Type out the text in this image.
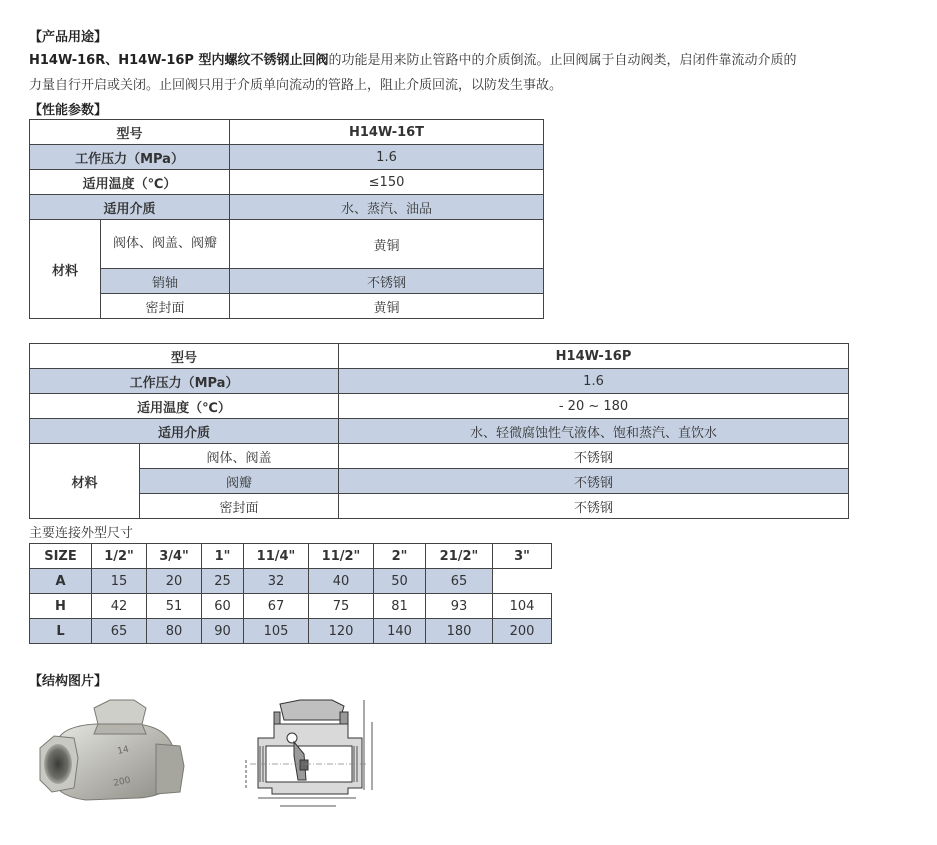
【产品用途】
H14W-16R、H14W-16P 型内螺纹不锈钢止回阀的功能是用来防止管路中的介质倒流。止回阀属于自动阀类，启闭件靠流动介质的
力量自行开启或关闭。止回阀只用于介质单向流动的管路上，阻止介质回流，以防发生事故。
【性能参数】
型号		H14W-16T
工作压力（MPa）		1.6
适用温度（℃）		≤150
适用介质		水、蒸汽、油品
材料	阀体、阀盖、阀瓣	黄铜
	销轴	不锈钢
	密封面	黄铜
型号		H14W-16P
工作压力（MPa）		1.6
适用温度（℃）		- 20 ~ 180
适用介质		水、轻微腐蚀性气液体、饱和蒸汽、直饮水
材料	阀体、阀盖	不锈钢
	阀瓣	不锈钢
	密封面	不锈钢
主要连接外型尺寸
SIZE	1/2"	3/4"	1"	11/4"	11/2"	2"	21/2"	3"
A	15	20	25	32	40	50	65	
H	42	51	60	67	75	81	93	104
L	65	80	90	105	120	140	180	200
【结构图片】
14
200
